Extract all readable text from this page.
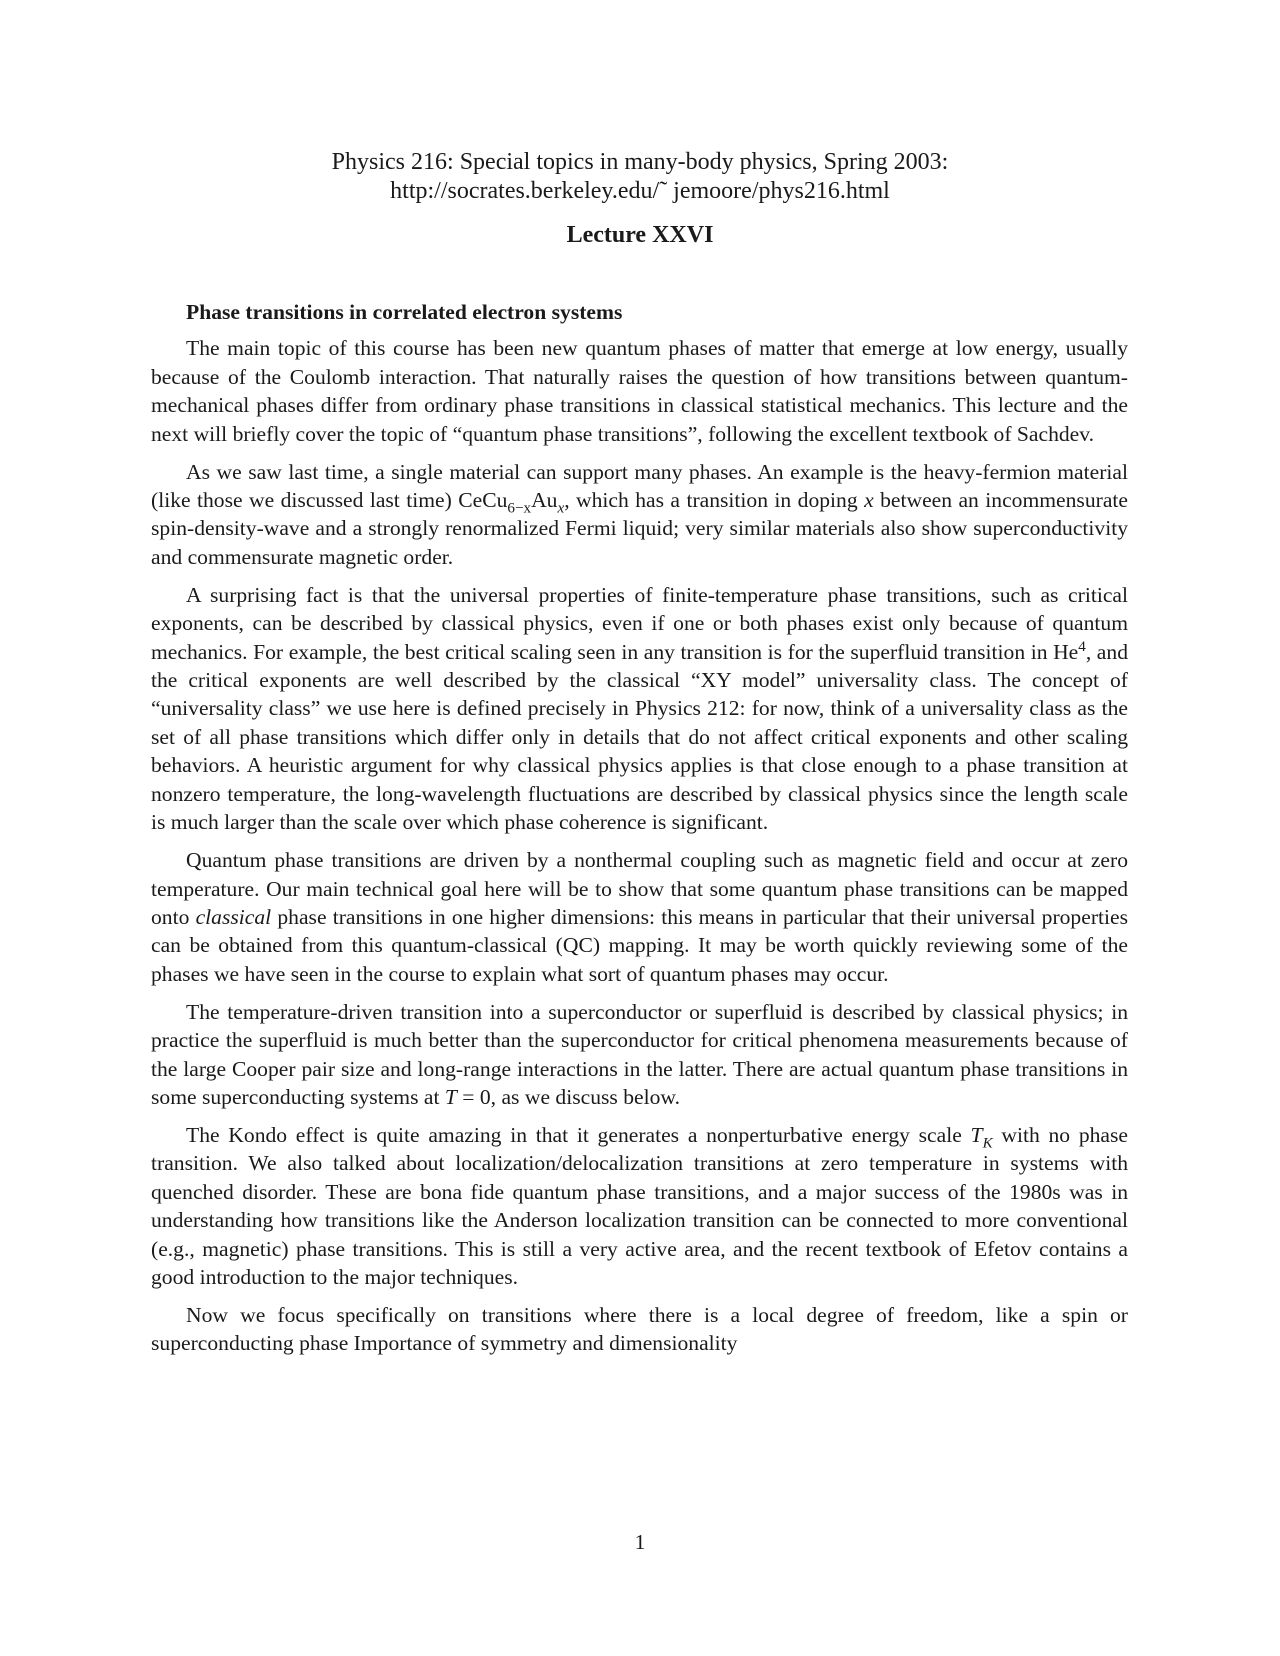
Physics 216: Special topics in many-body physics, Spring 2003:
http://socrates.berkeley.edu/˜ jemoore/phys216.html
Lecture XXVI
Phase transitions in correlated electron systems

The main topic of this course has been new quantum phases of matter that emerge at low energy, usually because of the Coulomb interaction. That naturally raises the question of how transitions between quantum-mechanical phases differ from ordinary phase transitions in classical statistical mechanics. This lecture and the next will briefly cover the topic of “quantum phase transitions”, following the excellent textbook of Sachdev.

As we saw last time, a single material can support many phases. An example is the heavy-fermion material (like those we discussed last time) $CeCu_{6-x}Au_x$, which has a transition in doping x between an incommensurate spin-density-wave and a strongly renormalized Fermi liquid; very similar materials also show superconductivity and commensurate magnetic order.

A surprising fact is that the universal properties of finite-temperature phase transitions, such as critical exponents, can be described by classical physics, even if one or both phases exist only because of quantum mechanics. For example, the best critical scaling seen in any transition is for the superfluid transition in He$^4$, and the critical exponents are well described by the classical “XY model” universality class. The concept of “universality class” we use here is defined precisely in Physics 212: for now, think of a universality class as the set of all phase transitions which differ only in details that do not affect critical exponents and other scaling behaviors. A heuristic argument for why classical physics applies is that close enough to a phase transition at nonzero temperature, the long-wavelength fluctuations are described by classical physics since the length scale is much larger than the scale over which phase coherence is significant.

Quantum phase transitions are driven by a nonthermal coupling such as magnetic field and occur at zero temperature. Our main technical goal here will be to show that some quantum phase transitions can be mapped onto classical phase transitions in one higher dimensions: this means in particular that their universal properties can be obtained from this quantum-classical (QC) mapping. It may be worth quickly reviewing some of the phases we have seen in the course to explain what sort of quantum phases may occur.

The temperature-driven transition into a superconductor or superfluid is described by classical physics; in practice the superfluid is much better than the superconductor for critical phenomena measurements because of the large Cooper pair size and long-range interactions in the latter. There are actual quantum phase transitions in some superconducting systems at T = 0, as we discuss below.

The Kondo effect is quite amazing in that it generates a nonperturbative energy scale $T_K$ with no phase transition. We also talked about localization/delocalization transitions at zero temperature in systems with quenched disorder. These are bona fide quantum phase transitions, and a major success of the 1980s was in understanding how transitions like the Anderson localization transition can be connected to more conventional (e.g., magnetic) phase transitions. This is still a very active area, and the recent textbook of Efetov contains a good introduction to the major techniques.

Now we focus specifically on transitions where there is a local degree of freedom, like a spin or superconducting phase Importance of symmetry and dimensionality

1
